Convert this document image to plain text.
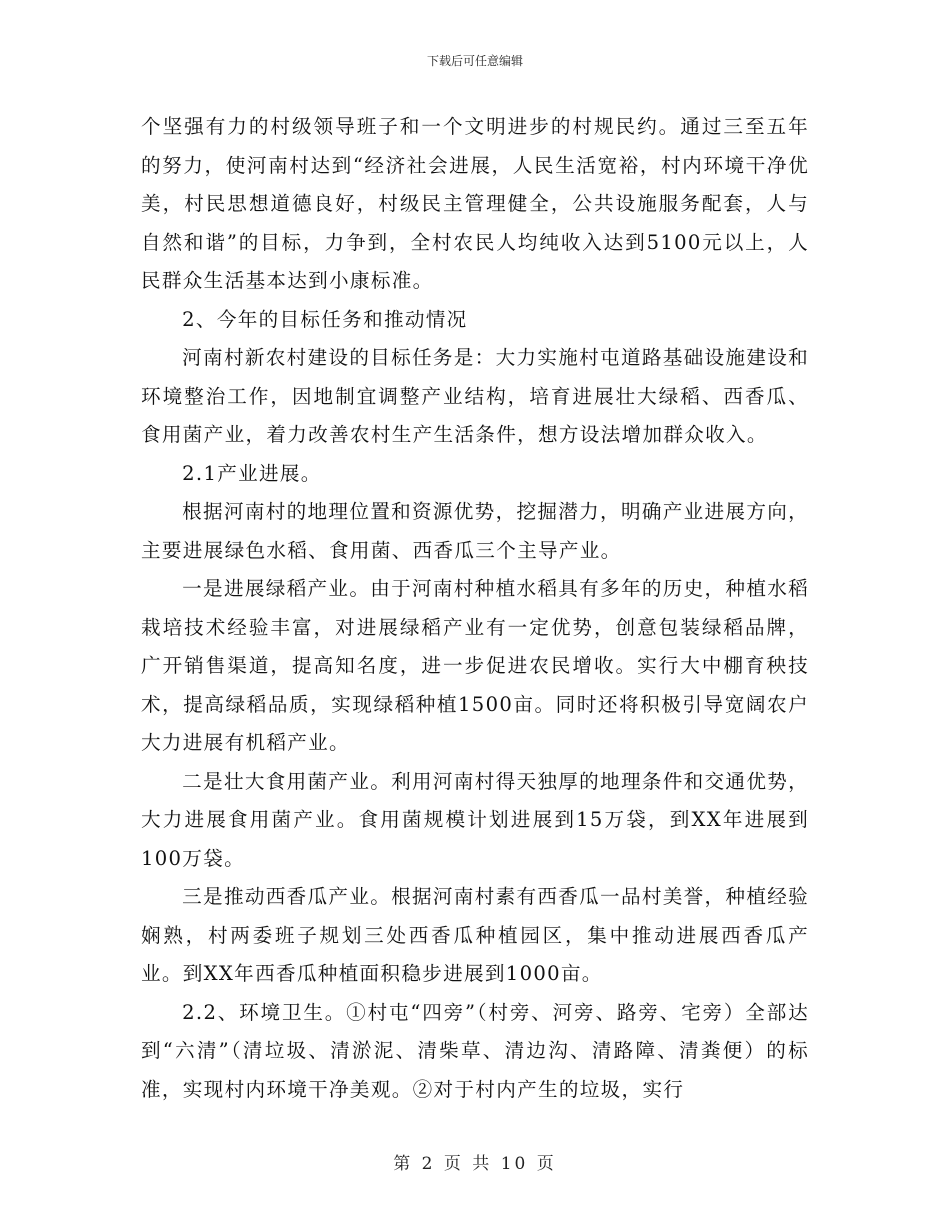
下载后可任意编辑

个坚强有力的村级领导班子和一个文明进步的村规民约。通过三至五年的努力，使河南村达到“经济社会进展，人民生活宽裕，村内环境干净优美，村民思想道德良好，村级民主管理健全，公共设施服务配套，人与自然和谐”的目标，力争到，全村农民人均纯收入达到5100元以上，人民群众生活基本达到小康标准。

2、今年的目标任务和推动情况

河南村新农村建设的目标任务是：大力实施村屯道路基础设施建设和环境整治工作，因地制宜调整产业结构，培育进展壮大绿稻、西香瓜、食用菌产业，着力改善农村生产生活条件，想方设法增加群众收入。

2.1产业进展。

根据河南村的地理位置和资源优势，挖掘潜力，明确产业进展方向，主要进展绿色水稻、食用菌、西香瓜三个主导产业。

一是进展绿稻产业。由于河南村种植水稻具有多年的历史，种植水稻栽培技术经验丰富，对进展绿稻产业有一定优势，创意包装绿稻品牌，广开销售渠道，提高知名度，进一步促进农民增收。实行大中棚育秧技术，提高绿稻品质，实现绿稻种植1500亩。同时还将积极引导宽阔农户大力进展有机稻产业。

二是壮大食用菌产业。利用河南村得天独厚的地理条件和交通优势，大力进展食用菌产业。食用菌规模计划进展到15万袋，到XX年进展到100万袋。

三是推动西香瓜产业。根据河南村素有西香瓜一品村美誉，种植经验娴熟，村两委班子规划三处西香瓜种植园区，集中推动进展西香瓜产业。到XX年西香瓜种植面积稳步进展到1000亩。

2.2、环境卫生。①村屯“四旁”（村旁、河旁、路旁、宅旁）全部达到“六清”（清垃圾、清淤泥、清柴草、清边沟、清路障、清粪便）的标准，实现村内环境干净美观。②对于村内产生的垃圾，实行

第 2 页 共 10 页
